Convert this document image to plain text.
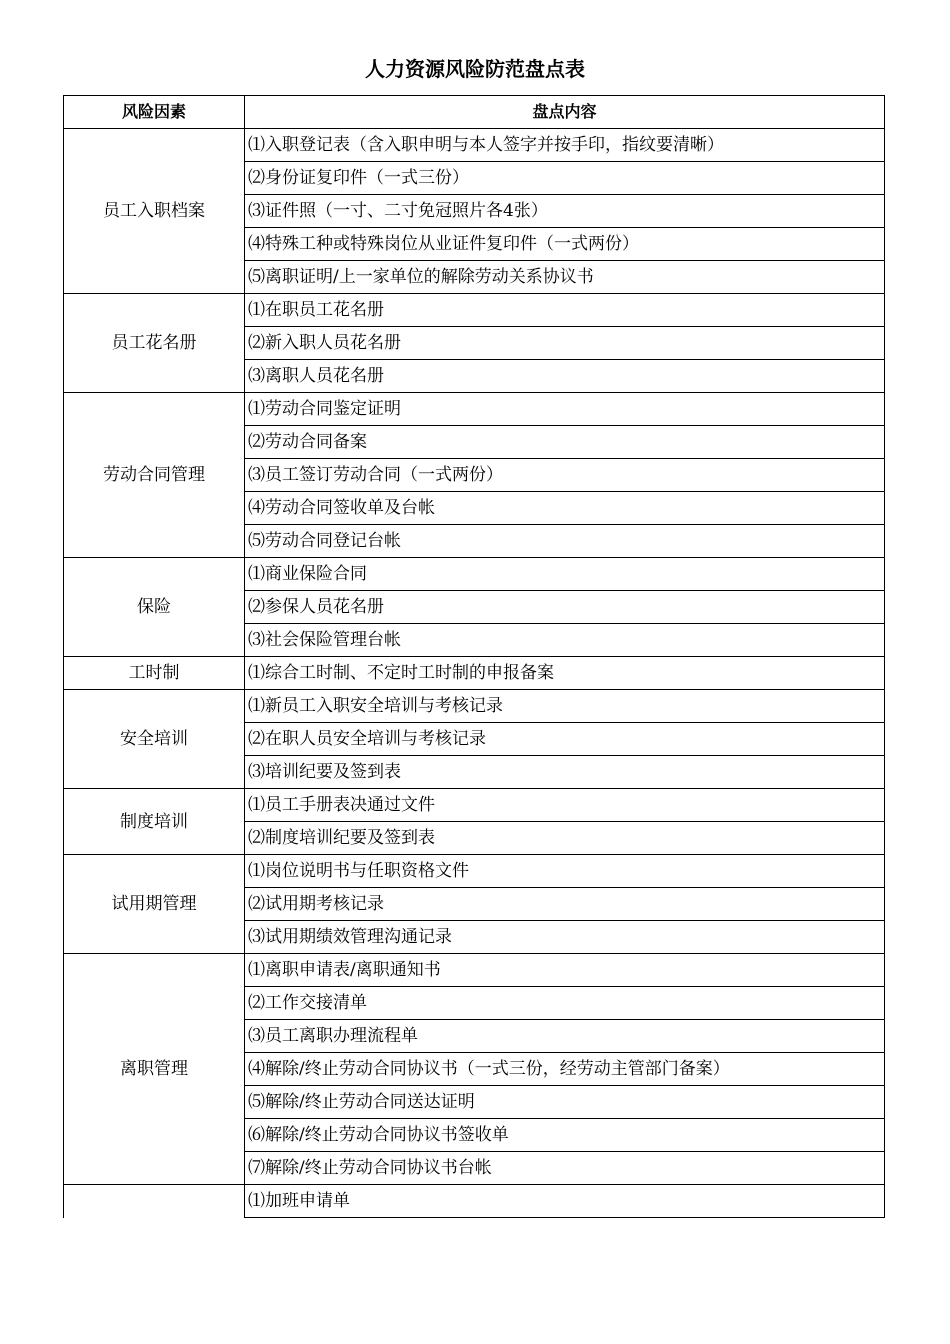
人力资源风险防范盘点表
风险因素	盘点内容
员工入职档案	⑴入职登记表（含入职申明与本人签字并按手印，指纹要清晰）
	⑵身份证复印件（一式三份）
	⑶证件照（一寸、二寸免冠照片各4张）
	⑷特殊工种或特殊岗位从业证件复印件（一式两份）
	⑸离职证明/上一家单位的解除劳动关系协议书
员工花名册	⑴在职员工花名册
	⑵新入职人员花名册
	⑶离职人员花名册
劳动合同管理	⑴劳动合同鉴定证明
	⑵劳动合同备案
	⑶员工签订劳动合同（一式两份）
	⑷劳动合同签收单及台帐
	⑸劳动合同登记台帐
保险	⑴商业保险合同
	⑵参保人员花名册
	⑶社会保险管理台帐
工时制	⑴综合工时制、不定时工时制的申报备案
安全培训	⑴新员工入职安全培训与考核记录
	⑵在职人员安全培训与考核记录
	⑶培训纪要及签到表
制度培训	⑴员工手册表决通过文件
	⑵制度培训纪要及签到表
试用期管理	⑴岗位说明书与任职资格文件
	⑵试用期考核记录
	⑶试用期绩效管理沟通记录
离职管理	⑴离职申请表/离职通知书
	⑵工作交接清单
	⑶员工离职办理流程单
	⑷解除/终止劳动合同协议书（一式三份，经劳动主管部门备案）
	⑸解除/终止劳动合同送达证明
	⑹解除/终止劳动合同协议书签收单
	⑺解除/终止劳动合同协议书台帐
	⑴加班申请单
